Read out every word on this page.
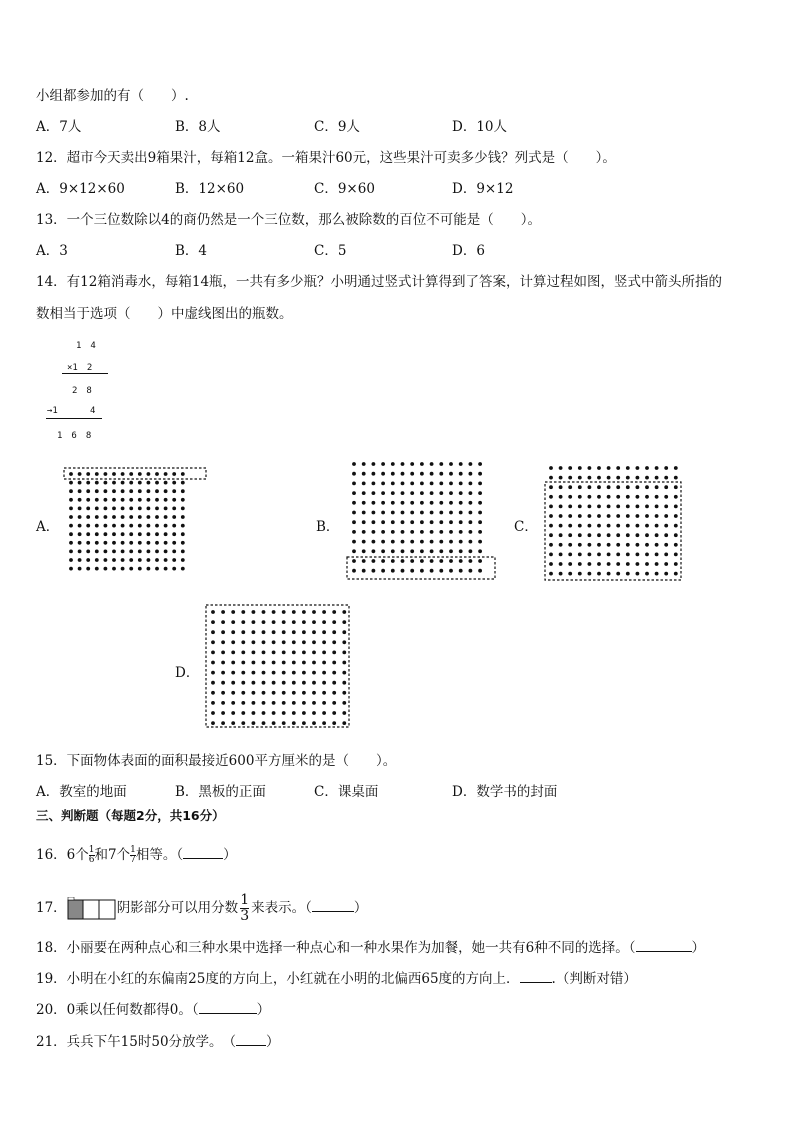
小组都参加的有（　　）.
A．7人	B．8人	C．9人	D．10人
12．超市今天卖出9箱果汁，每箱12盒。一箱果汁60元，这些果汁可卖多少钱？列式是（　　）。
A．9×12×60	B．12×60	C．9×60	D．9×12
13．一个三位数除以4的商仍然是一个三位数，那么被除数的百位不可能是（　　）。
A．3	B．4	C．5	D．6
14．有12箱消毒水，每箱14瓶，一共有多少瓶？小明通过竖式计算得到了答案，计算过程如图，竖式中箭头所指的
数相当于选项（　　）中虚线图出的瓶数。
1　4
×1　2
2　8
→1	4
1　6　8
A．	B．	C．
D．
15．下面物体表面的面积最接近600平方厘米的是（　　）。
A．教室的地面	B．黑板的正面	C．课桌面	D．数学书的封面
三、判断题（每题2分，共16分）
16．6个 $\frac{1}{6}$ 和7个 $\frac{1}{7}$ 相等。（	）
17．	阴影部分可以用分数 $\frac{1}{3}$ 来表示。（	）
18．小丽要在两种点心和三种水果中选择一种点心和一种水果作为加餐，她一共有6种不同的选择。（	）
19．小明在小红的东偏南25度的方向上，小红就在小明的北偏西65度的方向上． .（判断对错）
20．0乘以任何数都得0。（	）
21．兵兵下午15时50分放学。　（ ）
